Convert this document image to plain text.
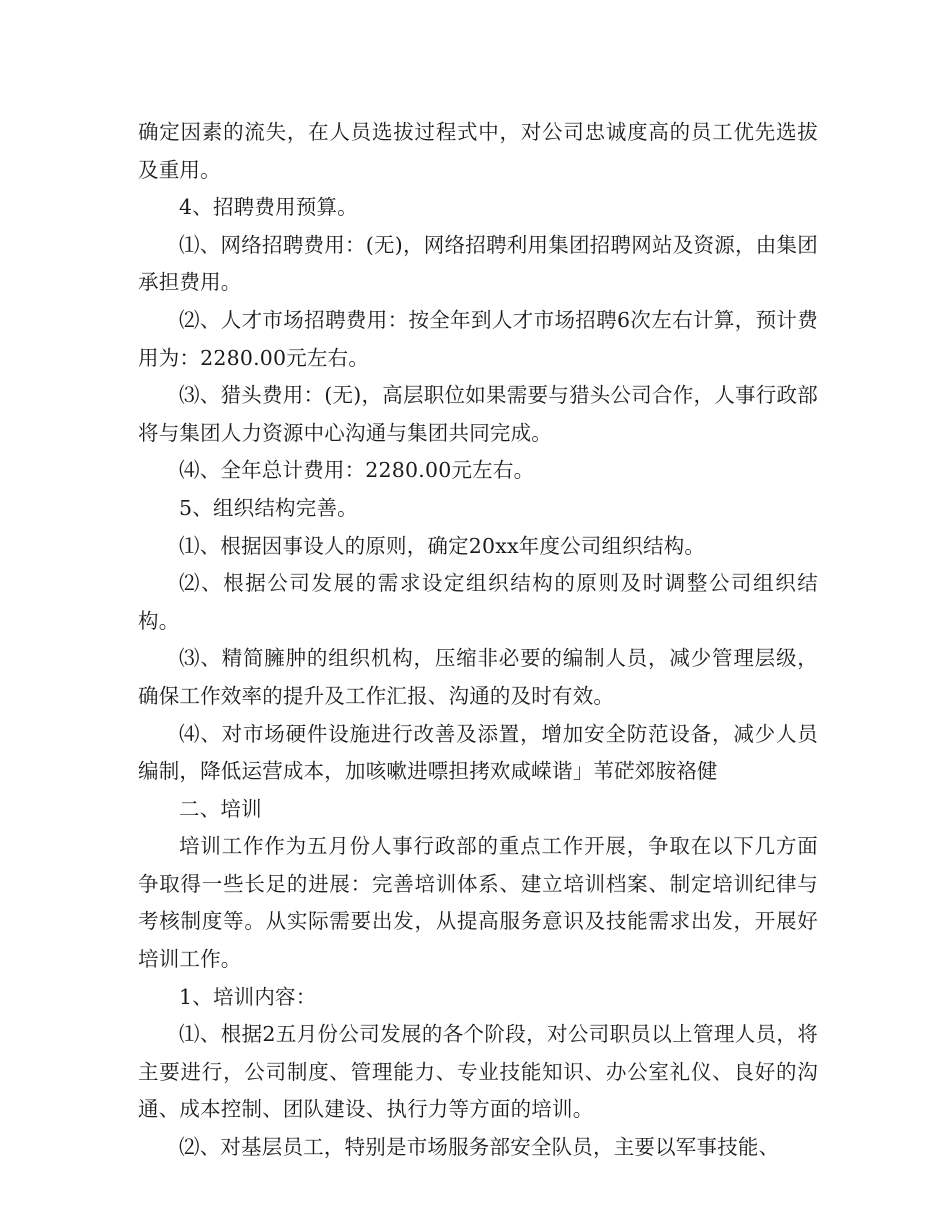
确定因素的流失，在人员选拔过程式中，对公司忠诚度高的员工优先选拔及重用。

4、招聘费用预算。

⑴、网络招聘费用：(无)，网络招聘利用集团招聘网站及资源，由集团承担费用。

⑵、人才市场招聘费用：按全年到人才市场招聘6次左右计算，预计费用为：2280.00元左右。

⑶、猎头费用：(无)，高层职位如果需要与猎头公司合作，人事行政部将与集团人力资源中心沟通与集团共同完成。

⑷、全年总计费用：2280.00元左右。

5、组织结构完善。

⑴、根据因事设人的原则，确定20xx年度公司组织结构。

⑵、根据公司发展的需求设定组织结构的原则及时调整公司组织结构。

⑶、精简臃肿的组织机构，压缩非必要的编制人员，减少管理层级，确保工作效率的提升及工作汇报、沟通的及时有效。

⑷、对市场硬件设施进行改善及添置，增加安全防范设备，减少人员编制，降低运营成本，加咳嗽进嘌担拷欢咸嵘谐」苇硭郊胺袼健

二、培训

培训工作作为五月份人事行政部的重点工作开展，争取在以下几方面争取得一些长足的进展：完善培训体系、建立培训档案、制定培训纪律与考核制度等。从实际需要出发，从提高服务意识及技能需求出发，开展好培训工作。

1、培训内容：

⑴、根据2五月份公司发展的各个阶段，对公司职员以上管理人员，将主要进行，公司制度、管理能力、专业技能知识、办公室礼仪、良好的沟通、成本控制、团队建设、执行力等方面的培训。

⑵、对基层员工，特别是市场服务部安全队员，主要以军事技能、
